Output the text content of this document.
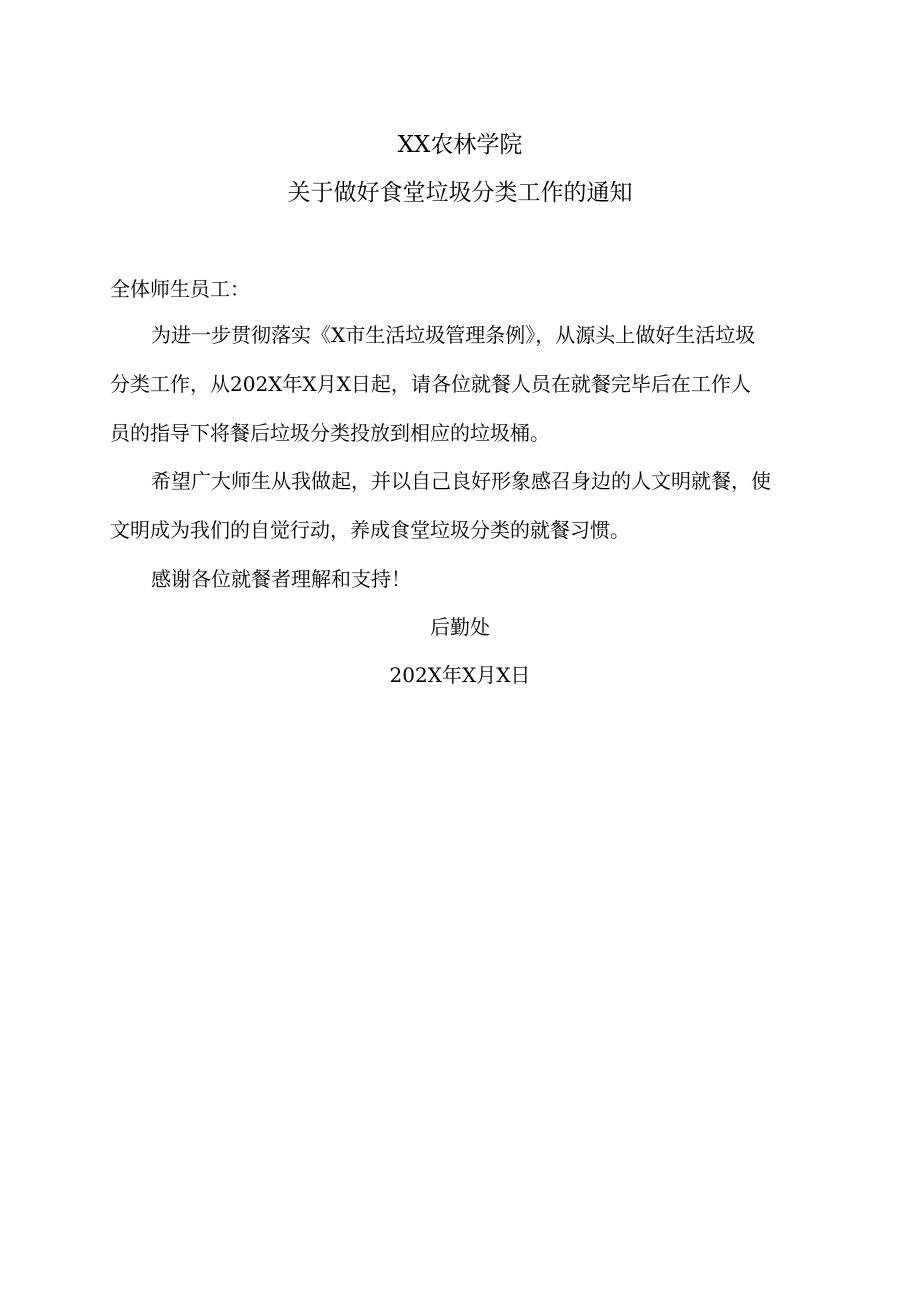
XX农林学院
关于做好食堂垃圾分类工作的通知
全体师生员工：
为进一步贯彻落实《X市生活垃圾管理条例》，从源头上做好生活垃圾
分类工作，从202X年X月X日起，请各位就餐人员在就餐完毕后在工作人
员的指导下将餐后垃圾分类投放到相应的垃圾桶。
希望广大师生从我做起，并以自己良好形象感召身边的人文明就餐，使
文明成为我们的自觉行动，养成食堂垃圾分类的就餐习惯。
感谢各位就餐者理解和支持！
后勤处
202X年X月X日
